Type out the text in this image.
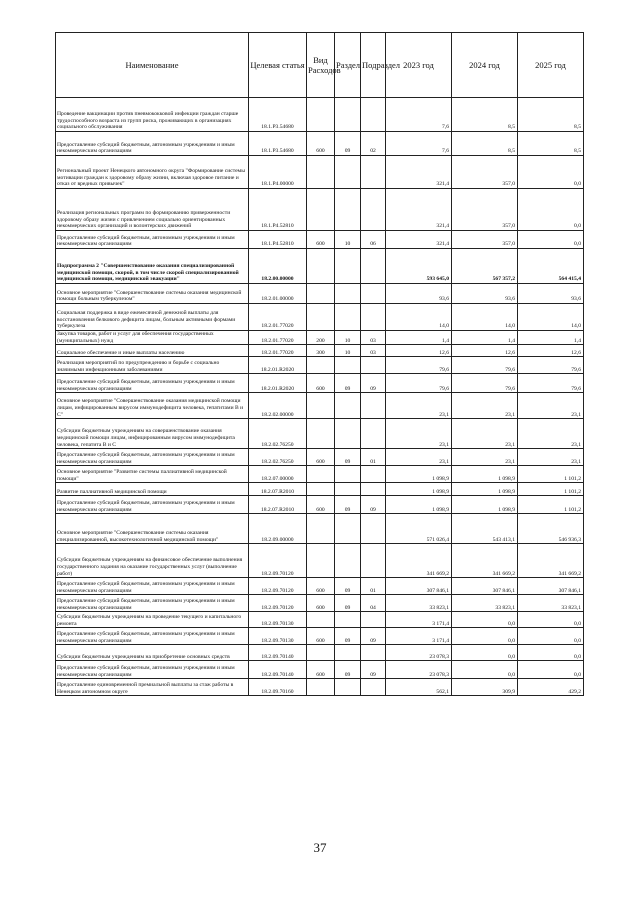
Наименование	Целевая статья	Вид Расходов	Раздел	Подраздел	2023 год	2024 год	2025 год
Проведение вакцинации против пневмококковой инфекции граждан старше трудоспособного возраста из групп риска, проживающих в организациях социального обслуживания	18.1.P3.54680				7,6	8,5	8,5
Предоставление субсидий бюджетным, автономным учреждениям и иным некоммерческим организациям	18.1.P3.54680	600	09	02	7,6	8,5	8,5
Региональный проект Ненецкого автономного округа "Формирование системы мотивации граждан к здоровому образу жизни, включая здоровое питание и отказ от вредных привычек"	18.1.P4.00000				321,4	357,0	0,0
Реализация региональных программ по формированию приверженности здоровому образу жизни с привлечением социально ориентированных некоммерческих организаций и волонтерских движений	18.1.P4.52810				321,4	357,0	0,0
Предоставление субсидий бюджетным, автономным учреждениям и иным некоммерческим организациям	18.1.P4.52810	600	10	06	321,4	357,0	0,0
Подпрограмма 2 "Совершенствование оказания специализированной медицинской помощи, скорой, в том числе скорой специализированной медицинской помощи, медицинской эвакуации"	18.2.00.00000				593 645,0	567 357,2	564 415,4
Основное мероприятие "Совершенствование системы оказания медицинской помощи больным туберкулезом"	18.2.01.00000				93,6	93,6	93,6
Социальная поддержка в виде ежемесячной денежной выплаты для восстановления белкового дефицита лицам, больным активными формами туберкулеза	18.2.01.77020				14,0	14,0	14,0
Закупка товаров, работ и услуг для обеспечения государственных (муниципальных) нужд	18.2.01.77020	200	10	03	1,4	1,4	1,4
Социальное обеспечение и иные выплаты населению	18.2.01.77020	300	10	03	12,6	12,6	12,6
Реализация мероприятий по предупреждению и борьбе с социально значимыми инфекционными заболеваниями	18.2.01.R2020				79,6	79,6	79,6
Предоставление субсидий бюджетным, автономным учреждениям и иным некоммерческим организациям	18.2.01.R2020	600	09	09	79,6	79,6	79,6
Основное мероприятие "Совершенствование оказания медицинской помощи лицам, инфицированным вирусом иммунодефицита человека, гепатитами В и С"	18.2.02.00000				23,1	23,1	23,1
Субсидии бюджетным учреждениям на совершенствование оказания медицинской помощи лицам, инфицированным вирусом иммунодефицита человека, гепатита В и С	18.2.02.76250				23,1	23,1	23,1
Предоставление субсидий бюджетным, автономным учреждениям и иным некоммерческим организациям	18.2.02.76250	600	09	01	23,1	23,1	23,1
Основное мероприятие "Развитие системы паллиативной медицинской помощи"	18.2.07.00000				1 098,9	1 098,9	1 101,2
Развитие паллиативной медицинской помощи	18.2.07.R2010				1 098,9	1 098,9	1 101,2
Предоставление субсидий бюджетным, автономным учреждениям и иным некоммерческим организациям	18.2.07.R2010	600	09	09	1 098,9	1 098,9	1 101,2
Основное мероприятие "Совершенствование системы оказания специализированной, высокотехнологичной медицинской помощи"	18.2.09.00000				571 026,4	543 413,1	546 936,3
Субсидии бюджетным учреждениям на финансовое обеспечение выполнения государственного задания на оказание государственных услуг (выполнение работ)	18.2.09.70120				341 669,2	341 669,2	341 669,2
Предоставление субсидий бюджетным, автономным учреждениям и иным некоммерческим организациям	18.2.09.70120	600	09	01	307 846,1	307 846,1	307 846,1
Предоставление субсидий бюджетным, автономным учреждениям и иным некоммерческим организациям	18.2.09.70120	600	09	04	33 823,1	33 823,1	33 823,1
Субсидии бюджетным учреждениям на проведение текущего и капитального ремонта	18.2.09.70130				3 171,4	0,0	0,0
Предоставление субсидий бюджетным, автономным учреждениям и иным некоммерческим организациям	18.2.09.70130	600	09	09	3 171,4	0,0	0,0
Субсидии бюджетным учреждениям на приобретение основных средств	18.2.09.70140				23 078,3	0,0	0,0
Предоставление субсидий бюджетным, автономным учреждениям и иным некоммерческим организациям	18.2.09.70140	600	09	09	23 078,3	0,0	0,0
Предоставление единовременной премиальной выплаты за стаж работы в Ненецком автономном округе	18.2.09.70160				562,1	309,9	429,2
37
